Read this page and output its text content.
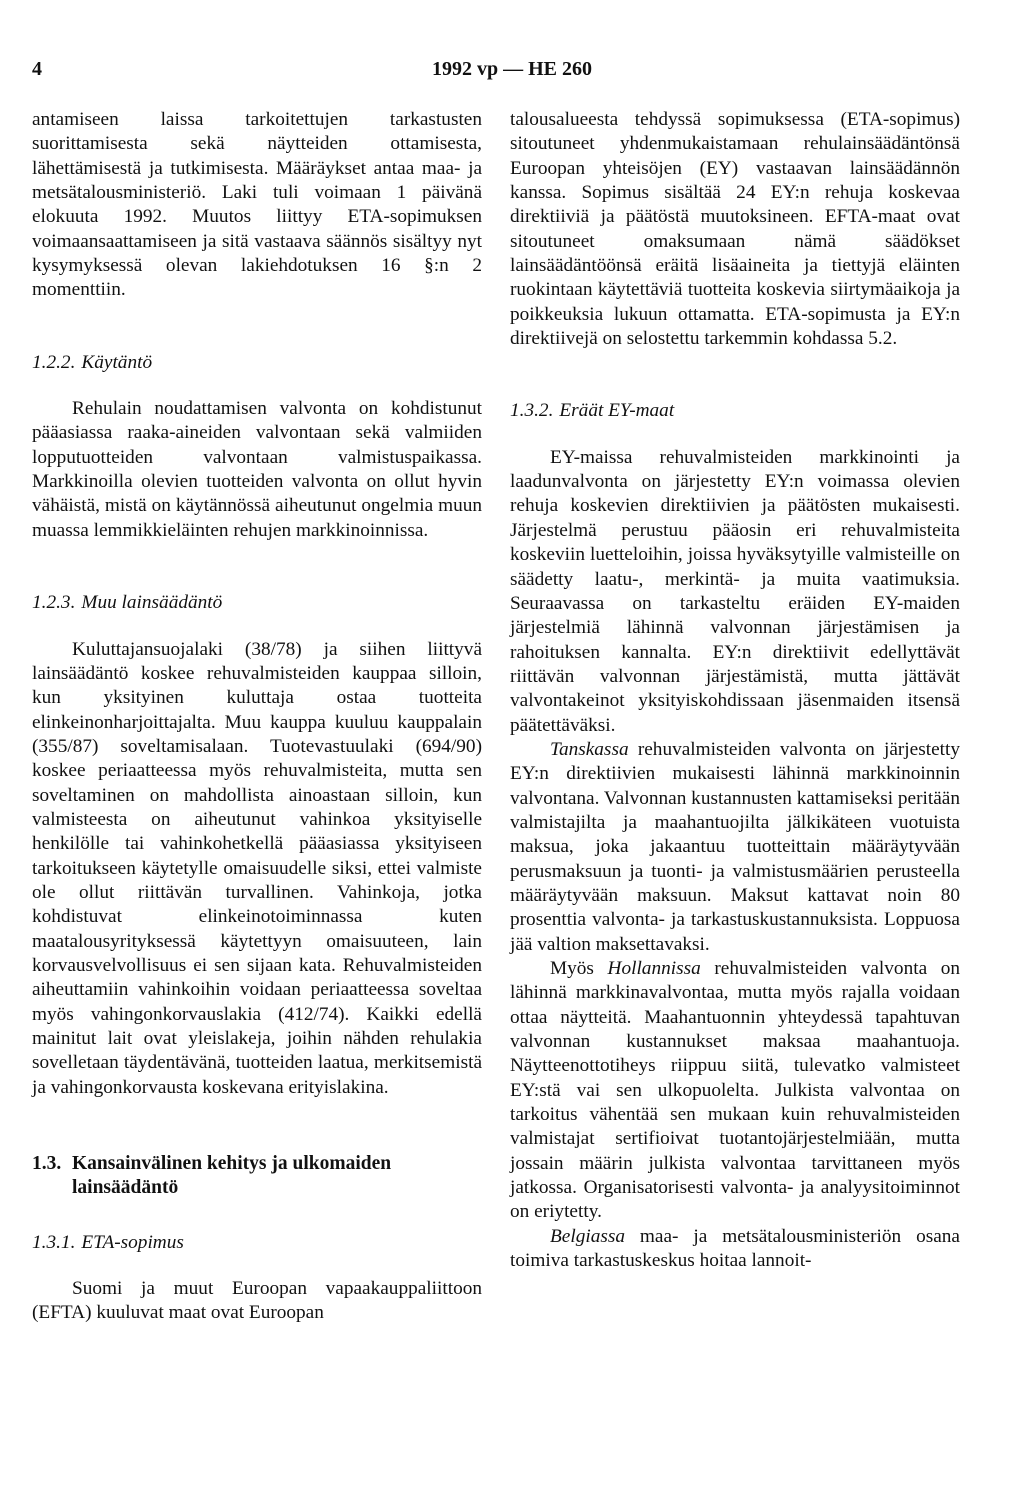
4	1992 vp — HE 260

antamiseen laissa tarkoitettujen tarkastusten suorittamisesta sekä näytteiden ottamisesta, lähettämisestä ja tutkimisesta. Määräykset antaa maa- ja metsätalousministeriö. Laki tuli voimaan 1 päivänä elokuuta 1992. Muutos liittyy ETA-sopimuksen voimaansaattamiseen ja sitä vastaava säännös sisältyy nyt kysymyksessä olevan lakiehdotuksen 16 §:n 2 momenttiin.

1.2.2. Käytäntö

Rehulain noudattamisen valvonta on kohdistunut pääasiassa raaka-aineiden valvontaan sekä valmiiden lopputuotteiden valvontaan valmistuspaikassa. Markkinoilla olevien tuotteiden valvonta on ollut hyvin vähäistä, mistä on käytännössä aiheutunut ongelmia muun muassa lemmikkieläinten rehujen markkinoinnissa.

1.2.3. Muu lainsäädäntö

Kuluttajansuojalaki (38/78) ja siihen liittyvä lainsäädäntö koskee rehuvalmisteiden kauppaa silloin, kun yksityinen kuluttaja ostaa tuotteita elinkeinonharjoittajalta. Muu kauppa kuuluu kauppalain (355/87) soveltamisalaan. Tuotevastuulaki (694/90) koskee periaatteessa myös rehuvalmisteita, mutta sen soveltaminen on mahdollista ainoastaan silloin, kun valmisteesta on aiheutunut vahinkoa yksityiselle henkilölle tai vahinkohetkellä pääasiassa yksityiseen tarkoitukseen käytetylle omaisuudelle siksi, ettei valmiste ole ollut riittävän turvallinen. Vahinkoja, jotka kohdistuvat elinkeinotoiminnassa kuten maatalousyrityksessä käytettyyn omaisuuteen, lain korvausvelvollisuus ei sen sijaan kata. Rehuvalmisteiden aiheuttamiin vahinkoihin voidaan periaatteessa soveltaa myös vahingonkorvauslakia (412/74). Kaikki edellä mainitut lait ovat yleislakeja, joihin nähden rehulakia sovelletaan täydentävänä, tuotteiden laatua, merkitsemistä ja vahingonkorvausta koskevana erityislakina.

1.3. Kansainvälinen kehitys ja ulkomaiden lainsäädäntö
1.3.1. ETA-sopimus

Suomi ja muut Euroopan vapaakauppaliittoon (EFTA) kuuluvat maat ovat Euroopan

talousalueesta tehdyssä sopimuksessa (ETA-sopimus) sitoutuneet yhdenmukaistamaan rehulainsäädäntönsä Euroopan yhteisöjen (EY) vastaavan lainsäädännön kanssa. Sopimus sisältää 24 EY:n rehuja koskevaa direktiiviä ja päätöstä muutoksineen. EFTA-maat ovat sitoutuneet omaksumaan nämä säädökset lainsäädäntöönsä eräitä lisäaineita ja tiettyjä eläinten ruokintaan käytettäviä tuotteita koskevia siirtymäaikoja ja poikkeuksia lukuun ottamatta. ETA-sopimusta ja EY:n direktiivejä on selostettu tarkemmin kohdassa 5.2.

1.3.2. Eräät EY-maat

EY-maissa rehuvalmisteiden markkinointi ja laadunvalvonta on järjestetty EY:n voimassa olevien rehuja koskevien direktiivien ja päätösten mukaisesti. Järjestelmä perustuu pääosin eri rehuvalmisteita koskeviin luetteloihin, joissa hyväksytyille valmisteille on säädetty laatu-, merkintä- ja muita vaatimuksia. Seuraavassa on tarkasteltu eräiden EY-maiden järjestelmiä lähinnä valvonnan järjestämisen ja rahoituksen kannalta. EY:n direktiivit edellyttävät riittävän valvonnan järjestämistä, mutta jättävät valvontakeinot yksityiskohdissaan jäsenmaiden itsensä päätettäväksi.

Tanskassa rehuvalmisteiden valvonta on järjestetty EY:n direktiivien mukaisesti lähinnä markkinoinnin valvontana. Valvonnan kustannusten kattamiseksi peritään valmistajilta ja maahantuojilta jälkikäteen vuotuista maksua, joka jakaantuu tuotteittain määräytyvään perusmaksuun ja tuonti- ja valmistusmäärien perusteella määräytyvään maksuun. Maksut kattavat noin 80 prosenttia valvonta- ja tarkastuskustannuksista. Loppuosa jää valtion maksettavaksi.

Myös Hollannissa rehuvalmisteiden valvonta on lähinnä markkinavalvontaa, mutta myös rajalla voidaan ottaa näytteitä. Maahantuonnin yhteydessä tapahtuvan valvonnan kustannukset maksaa maahantuoja. Näytteenottotiheys riippuu siitä, tulevatko valmisteet EY:stä vai sen ulkopuolelta. Julkista valvontaa on tarkoitus vähentää sen mukaan kuin rehuvalmisteiden valmistajat sertifioivat tuotantojärjestelmiään, mutta jossain määrin julkista valvontaa tarvittaneen myös jatkossa. Organisatorisesti valvonta- ja analyysitoiminnot on eriytetty.

Belgiassa maa- ja metsätalousministeriön osana toimiva tarkastuskeskus hoitaa lannoit-
